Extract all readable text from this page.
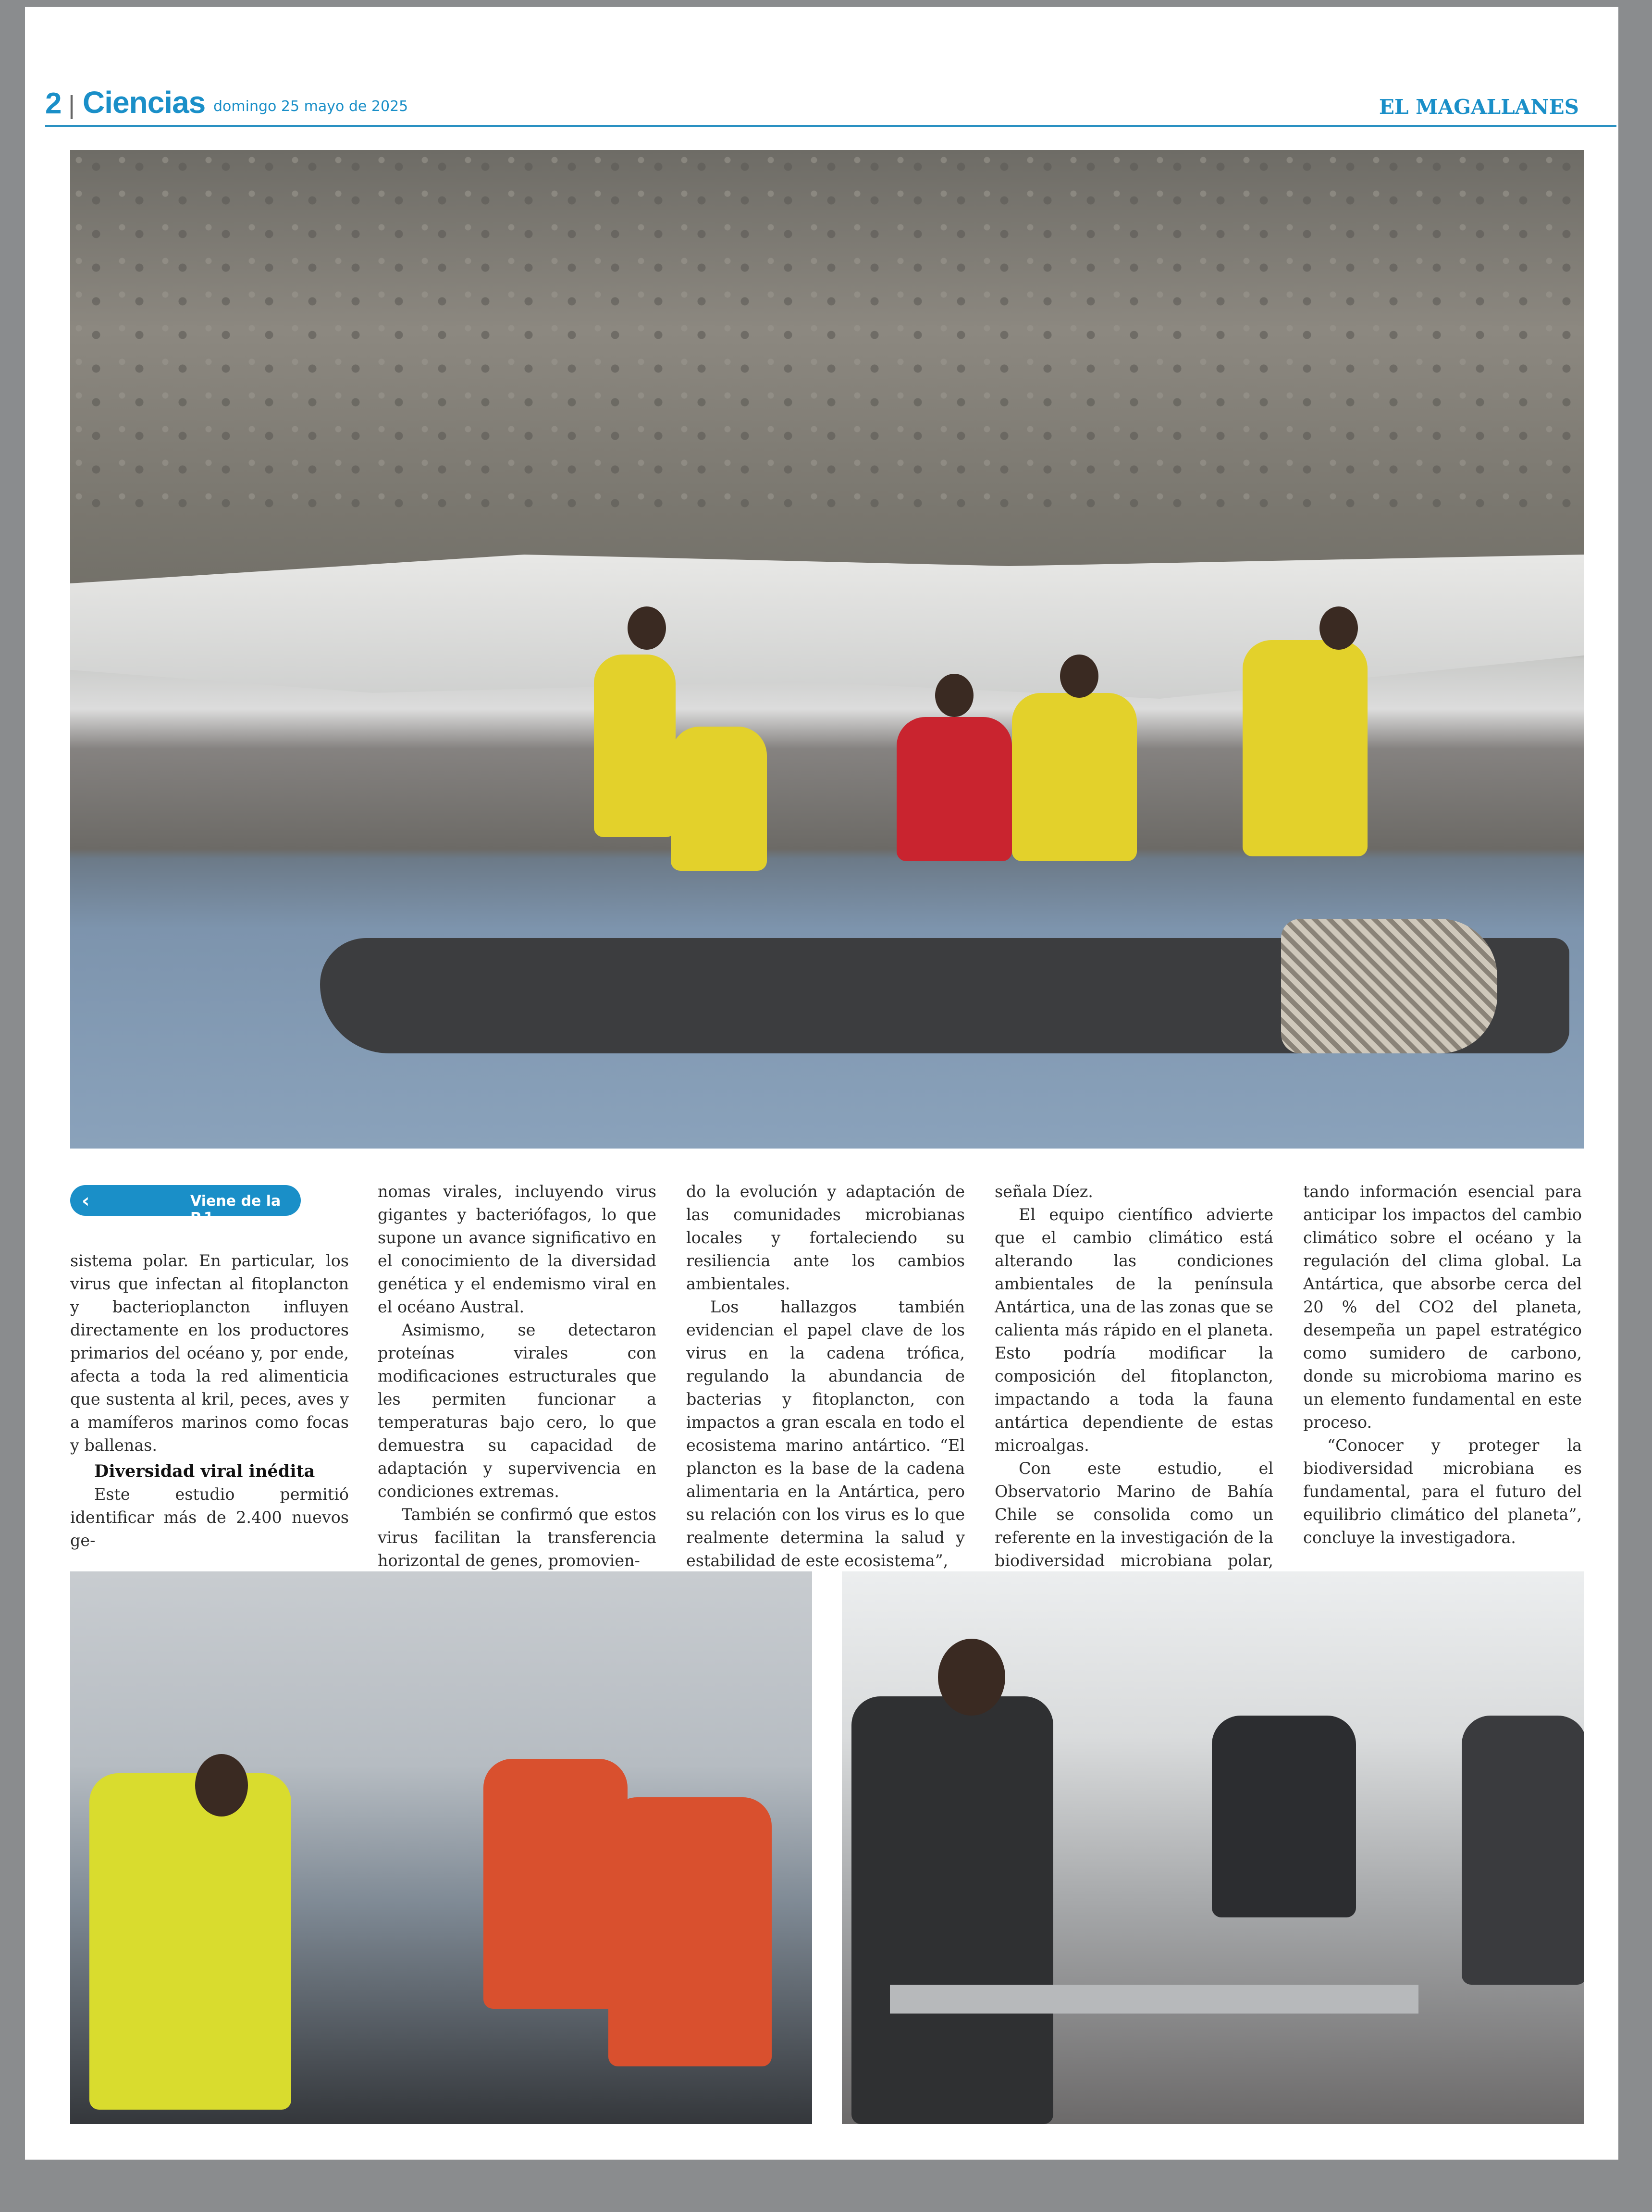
2 | Ciencias domingo 25 mayo de 2025	EL MAGALLANES
‹	Viene de la P.1

sistema polar. En particular, los virus que infectan al fitoplancton y bacterioplancton influyen directamente en los productores primarios del océano y, por ende, afecta a toda la red alimenticia que sustenta al kril, peces, aves y a mamíferos marinos como focas y ballenas.

Diversidad viral inédita

Este estudio permitió identificar más de 2.400 nuevos ge-

nomas virales, incluyendo virus gigantes y bacteriófagos, lo que supone un avance significativo en el conocimiento de la diversidad genética y el endemismo viral en el océano Austral.

Asimismo, se detectaron proteínas virales con modificaciones estructurales que les permiten funcionar a temperaturas bajo cero, lo que demuestra su capacidad de adaptación y supervivencia en condiciones extremas.

También se confirmó que estos virus facilitan la transferencia horizontal de genes, promovien-

do la evolución y adaptación de las comunidades microbianas locales y fortaleciendo su resiliencia ante los cambios ambientales.

Los hallazgos también evidencian el papel clave de los virus en la cadena trófica, regulando la abundancia de bacterias y fitoplancton, con impactos a gran escala en todo el ecosistema marino antártico. “El plancton es la base de la cadena alimentaria en la Antártica, pero su relación con los virus es lo que realmente determina la salud y estabilidad de este ecosistema”,

señala Díez.

El equipo científico advierte que el cambio climático está alterando las condiciones ambientales de la península Antártica, una de las zonas que se calienta más rápido en el planeta. Esto podría modificar la composición del fitoplancton, impactando a toda la fauna antártica dependiente de estas microalgas.

Con este estudio, el Observatorio Marino de Bahía Chile se consolida como un referente en la investigación de la biodiversidad microbiana polar,

tando información esencial para anticipar los impactos del cambio climático sobre el océano y la regulación del clima global. La Antártica, que absorbe cerca del 20 % del CO2 del planeta, desempeña un papel estratégico como sumidero de carbono, donde su microbioma marino es un elemento fundamental en este proceso.

“Conocer y proteger la biodiversidad microbiana es fundamental, para el futuro del equilibrio climático del planeta”, concluye la investigadora.
